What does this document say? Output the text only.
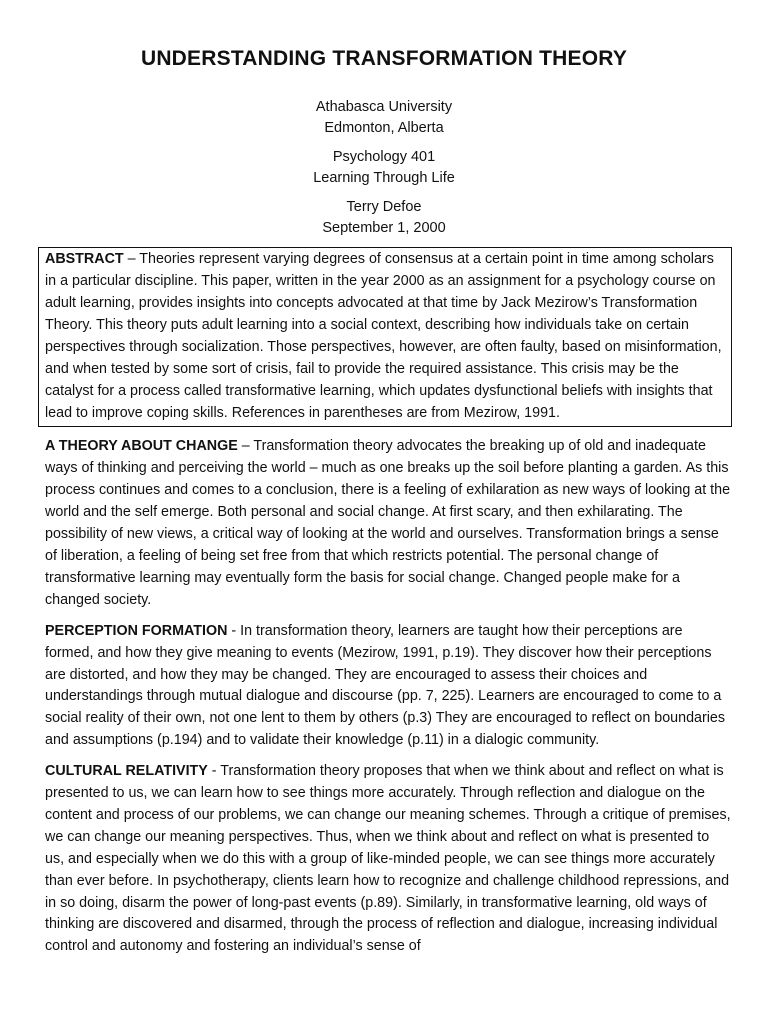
UNDERSTANDING TRANSFORMATION THEORY
Athabasca University
Edmonton, Alberta
Psychology 401
Learning Through Life
Terry Defoe
September 1, 2000
ABSTRACT – Theories represent varying degrees of consensus at a certain point in time among scholars in a particular discipline. This paper, written in the year 2000 as an assignment for a psychology course on adult learning, provides insights into concepts advocated at that time by Jack Mezirow’s Transformation Theory. This theory puts adult learning into a social context, describing how individuals take on certain perspectives through socialization. Those perspectives, however, are often faulty, based on misinformation, and when tested by some sort of crisis, fail to provide the required assistance. This crisis may be the catalyst for a process called transformative learning, which updates dysfunctional beliefs with insights that lead to improve coping skills. References in parentheses are from Mezirow, 1991.

A THEORY ABOUT CHANGE – Transformation theory advocates the breaking up of old and inadequate ways of thinking and perceiving the world – much as one breaks up the soil before planting a garden. As this process continues and comes to a conclusion, there is a feeling of exhilaration as new ways of looking at the world and the self emerge. Both personal and social change. At first scary, and then exhilarating. The possibility of new views, a critical way of looking at the world and ourselves. Transformation brings a sense of liberation, a feeling of being set free from that which restricts potential. The personal change of transformative learning may eventually form the basis for social change. Changed people make for a changed society.

PERCEPTION FORMATION - In transformation theory, learners are taught how their perceptions are formed, and how they give meaning to events (Mezirow, 1991, p.19). They discover how their perceptions are distorted, and how they may be changed. They are encouraged to assess their choices and understandings through mutual dialogue and discourse (pp. 7, 225). Learners are encouraged to come to a social reality of their own, not one lent to them by others (p.3) They are encouraged to reflect on boundaries and assumptions (p.194) and to validate their knowledge (p.11) in a dialogic community.

CULTURAL RELATIVITY - Transformation theory proposes that when we think about and reflect on what is presented to us, we can learn how to see things more accurately. Through reflection and dialogue on the content and process of our problems, we can change our meaning schemes. Through a critique of premises, we can change our meaning perspectives. Thus, when we think about and reflect on what is presented to us, and especially when we do this with a group of like-minded people, we can see things more accurately than ever before. In psychotherapy, clients learn how to recognize and challenge childhood repressions, and in so doing, disarm the power of long-past events (p.89). Similarly, in transformative learning, old ways of thinking are discovered and disarmed, through the process of reflection and dialogue, increasing individual control and autonomy and fostering an individual’s sense of
